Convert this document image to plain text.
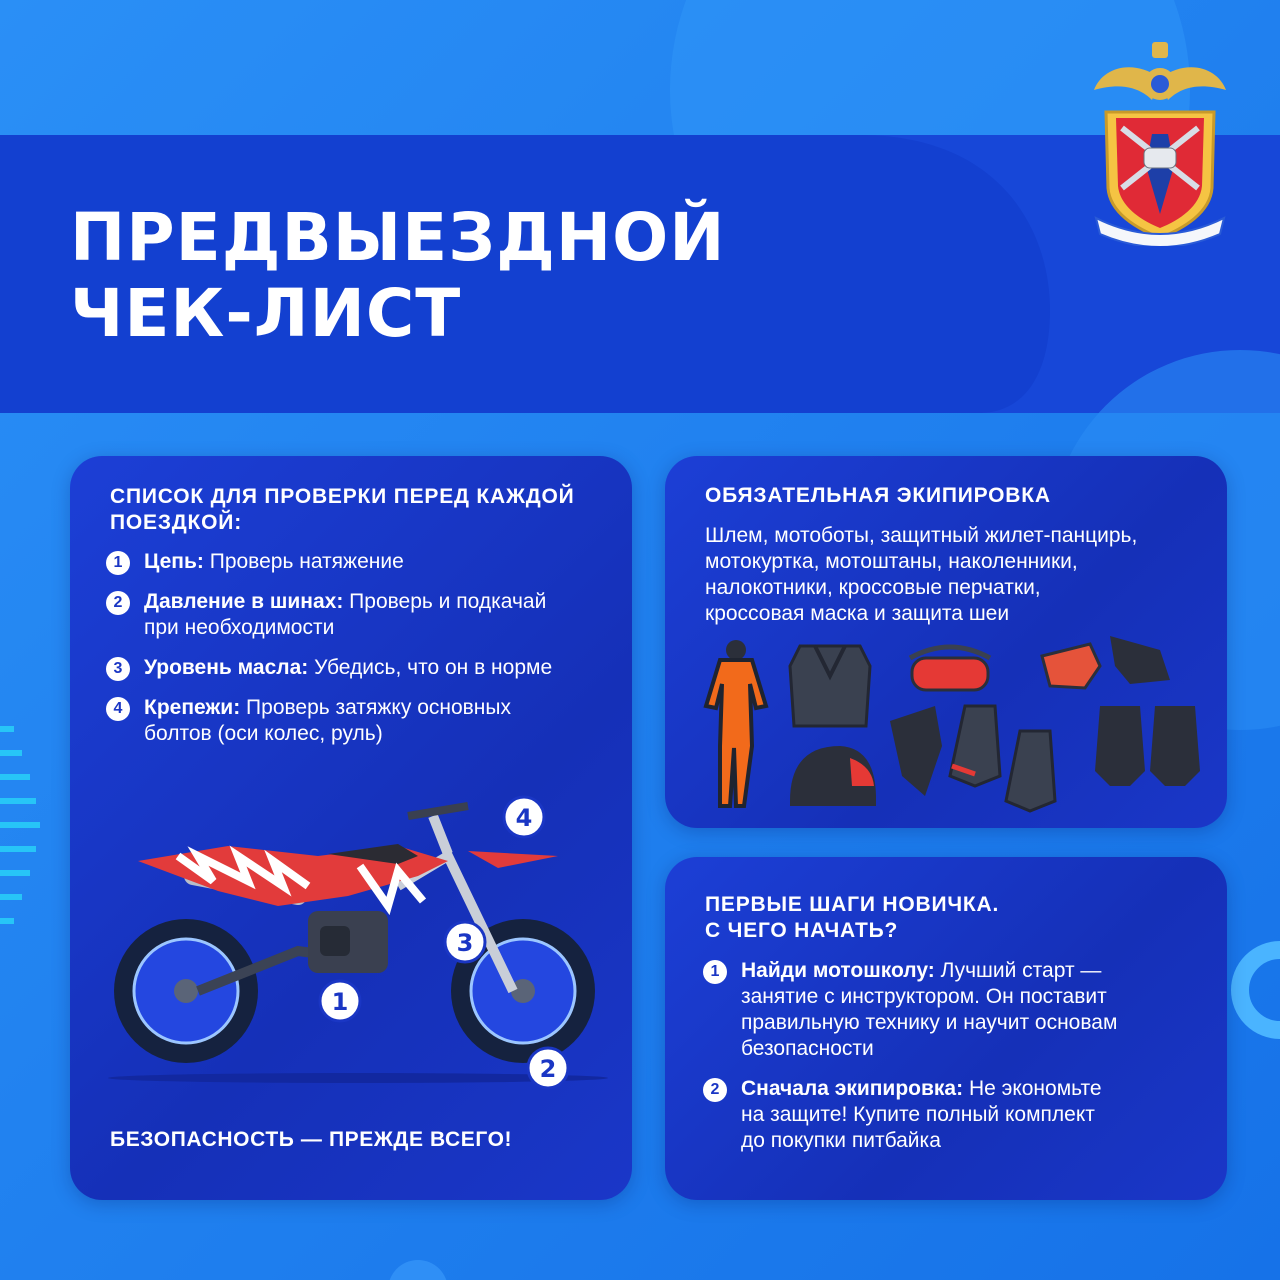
ПРЕДВЫЕЗДНОЙ
ЧЕК-ЛИСТ
СПИСОК ДЛЯ ПРОВЕРКИ ПЕРЕД КАЖДОЙ
ПОЕЗДКОЙ:
1	Цепь: Проверь натяжение
2	Давление в шинах: Проверь и подкачай
при необходимости
3	Уровень масла: Убедись, что он в норме
4	Крепежи: Проверь затяжку основных
болтов (оси колес, руль)
1
2
3
4
БЕЗОПАСНОСТЬ — ПРЕЖДЕ ВСЕГО!
ОБЯЗАТЕЛЬНАЯ ЭКИПИРОВКА
Шлем, мотоботы, защитный жилет-панцирь,
мотокуртка, мотоштаны, наколенники,
налокотники, кроссовые перчатки,
кроссовая маска и защита шеи
ПЕРВЫЕ ШАГИ НОВИЧКА.
С ЧЕГО НАЧАТЬ?
1	Найди мотошколу: Лучший старт —
занятие с инструктором. Он поставит
правильную технику и научит основам
безопасности
2	Сначала экипировка: Не экономьте
на защите! Купите полный комплект
до покупки питбайка
